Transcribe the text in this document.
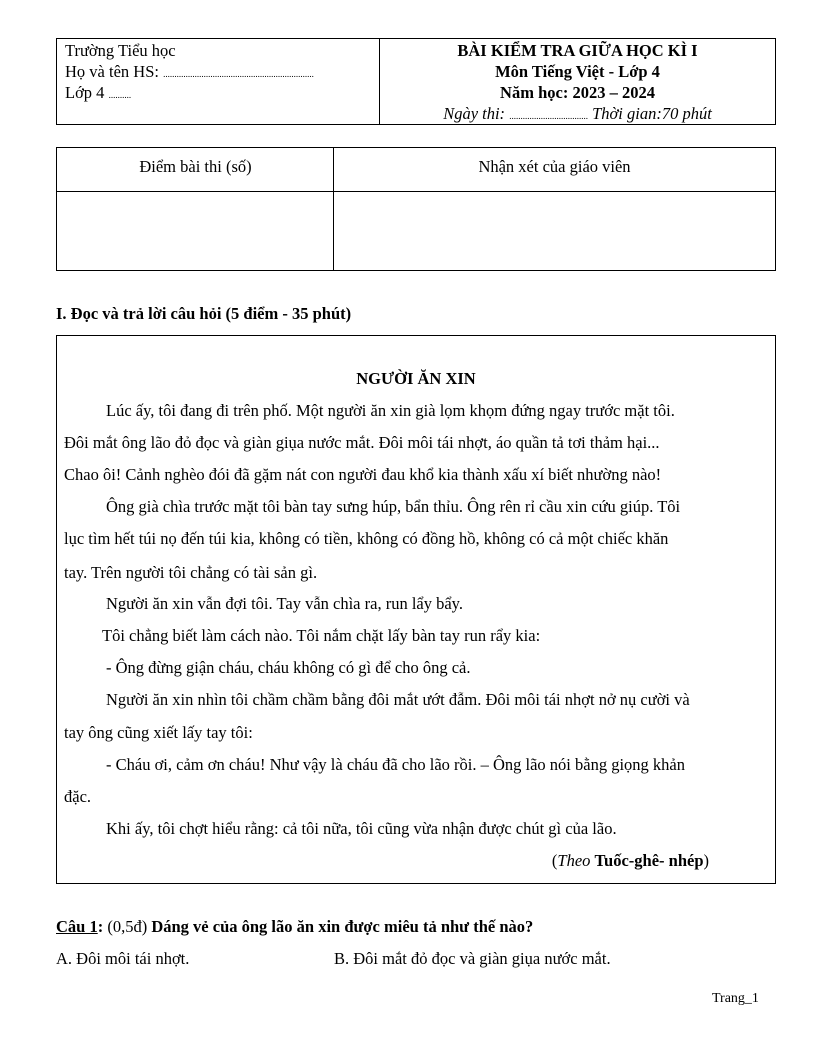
Trường Tiểu học
Họ và tên HS: ...................................................................
Lớp 4 ..........
BÀI KIỂM TRA GIỮA HỌC KÌ I
Môn Tiếng Việt - Lớp 4
Năm học: 2023 – 2024
Ngày thi: ................................... Thời gian:70 phút
Điểm bài thi (số)	Nhận xét của giáo viên
I. Đọc và trả lời câu hỏi (5 điểm - 35 phút)
NGƯỜI ĂN XIN
Lúc ấy, tôi đang đi trên phố. Một người ăn xin già lọm khọm đứng ngay trước mặt tôi.
Đôi mắt ông lão đỏ đọc và giàn giụa nước mắt. Đôi môi tái nhợt, áo quần tả tơi thảm hại...
Chao ôi! Cảnh nghèo đói đã gặm nát con người đau khổ kia thành xấu xí biết nhường nào!
Ông già chìa trước mặt tôi bàn tay sưng húp, bẩn thỉu. Ông rên rỉ cầu xin cứu giúp. Tôi
lục tìm hết túi nọ đến túi kia, không có tiền, không có đồng hồ, không có cả một chiếc khăn
tay. Trên người tôi chẳng có tài sản gì.
Người ăn xin vẫn đợi tôi. Tay vẫn chìa ra, run lẩy bẩy.
Tôi chẳng biết làm cách nào. Tôi nắm chặt lấy bàn tay run rẩy kia:
- Ông đừng giận cháu, cháu không có gì để cho ông cả.
Người ăn xin nhìn tôi chầm chầm bằng đôi mắt ướt đẫm. Đôi môi tái nhợt nở nụ cười và
tay ông cũng xiết lấy tay tôi:
- Cháu ơi, cảm ơn cháu! Như vậy là cháu đã cho lão rồi. – Ông lão nói bằng giọng khản
đặc.
Khi ấy, tôi chợt hiểu rằng: cả tôi nữa, tôi cũng vừa nhận được chút gì của lão.
(Theo Tuốc-ghê- nhép)
Câu 1: (0,5đ) Dáng vẻ của ông lão ăn xin được miêu tả như thế nào?
A. Đôi môi tái nhợt.	B. Đôi mắt đỏ đọc và giàn giụa nước mắt.
Trang_1
